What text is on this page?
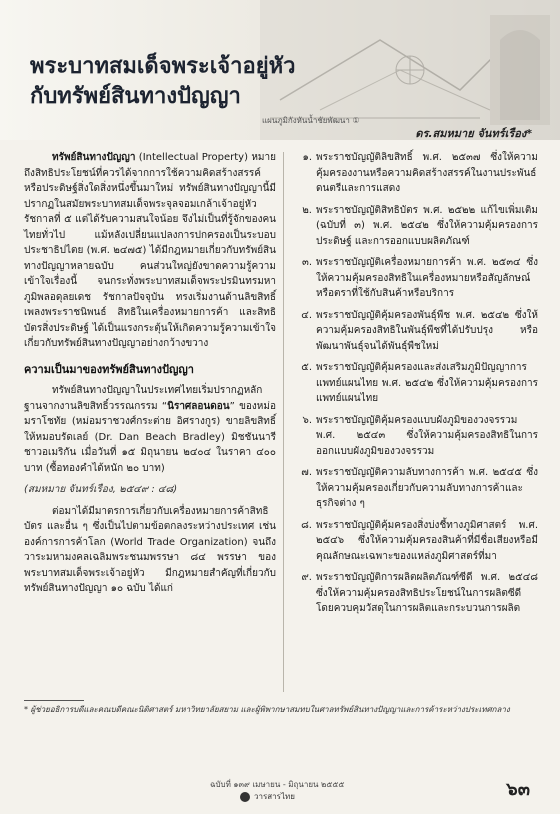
พระบาทสมเด็จพระเจ้าอยู่หัว
กับทรัพย์สินทางปัญญา
แผนภูมิกังหันน้ำชัยพัฒนา ①
ดร.สมหมาย จันทร์เรือง*

ทรัพย์สินทางปัญญา (Intellectual Property) หมายถึงสิทธิประโยชน์ที่ควรได้จากการใช้ความคิดสร้างสรรค์หรือประดิษฐ์สิ่งใดสิ่งหนึ่งขึ้นมาใหม่ ทรัพย์สินทางปัญญานี้มีปรากฏในสมัยพระบาทสมเด็จพระจุลจอมเกล้าเจ้าอยู่หัว รัชกาลที่ ๕ แต่ได้รับความสนใจน้อย จึงไม่เป็นที่รู้จักของคนไทยทั่วไป แม้หลังเปลี่ยนแปลงการปกครองเป็นระบอบประชาธิปไตย (พ.ศ. ๒๔๗๕) ได้มีกฎหมายเกี่ยวกับทรัพย์สินทางปัญญาหลายฉบับ คนส่วนใหญ่ยังขาดความรู้ความเข้าใจเรื่องนี้ จนกระทั่งพระบาทสมเด็จพระปรมินทรมหาภูมิพลอดุลยเดช รัชกาลปัจจุบัน ทรงเริ่มงานด้านลิขสิทธิ์เพลงพระราชนิพนธ์ สิทธิในเครื่องหมายการค้า และสิทธิบัตรสิ่งประดิษฐ์ ได้เป็นแรงกระตุ้นให้เกิดความรู้ความเข้าใจเกี่ยวกับทรัพย์สินทางปัญญาอย่างกว้างขวาง

ความเป็นมาของทรัพย์สินทางปัญญา

ทรัพย์สินทางปัญญาในประเทศไทยเริ่มปรากฏหลักฐานจากงานลิขสิทธิ์วรรณกรรม “นิราศลอนดอน” ของหม่อมราโชทัย (หม่อมราชวงศ์กระต่าย อิศรางกูร) ขายลิขสิทธิ์ให้หมอบรัดเลย์ (Dr. Dan Beach Bradley) มิชชันนารีชาวอเมริกัน เมื่อวันที่ ๑๕ มิถุนายน ๒๔๐๔ ในราคา ๔๐๐ บาท (ซื้อทองคำได้หนัก ๒๐ บาท)

(สมหมาย จันทร์เรือง, ๒๕๔๙ : ๔๘)

ต่อมาได้มีมาตรการเกี่ยวกับเครื่องหมายการค้าสิทธิบัตร และอื่น ๆ ซึ่งเป็นไปตามข้อตกลงระหว่างประเทศ เช่น องค์การการค้าโลก (World Trade Organization) จนถึงวาระมหามงคลเฉลิมพระชนมพรรษา ๘๔ พรรษา ของพระบาทสมเด็จพระเจ้าอยู่หัว มีกฎหมายสำคัญที่เกี่ยวกับทรัพย์สินทางปัญญา ๑๐ ฉบับ ได้แก่

๑. พระราชบัญญัติลิขสิทธิ์ พ.ศ. ๒๕๓๗ ซึ่งให้ความคุ้มครองงานหรือความคิดสร้างสรรค์ในงานประพันธ์ดนตรีและการแสดง
๒. พระราชบัญญัติสิทธิบัตร พ.ศ. ๒๕๒๒ แก้ไขเพิ่มเติม (ฉบับที่ ๓) พ.ศ. ๒๕๔๒ ซึ่งให้ความคุ้มครองการประดิษฐ์ และการออกแบบผลิตภัณฑ์
๓. พระราชบัญญัติเครื่องหมายการค้า พ.ศ. ๒๕๓๔ ซึ่งให้ความคุ้มครองสิทธิในเครื่องหมายหรือสัญลักษณ์หรือตราที่ใช้กับสินค้าหรือบริการ
๔. พระราชบัญญัติคุ้มครองพันธุ์พืช พ.ศ. ๒๕๔๒ ซึ่งให้ความคุ้มครองสิทธิในพันธุ์พืชที่ได้ปรับปรุง หรือพัฒนาพันธุ์จนได้พันธุ์พืชใหม่
๕. พระราชบัญญัติคุ้มครองและส่งเสริมภูมิปัญญาการแพทย์แผนไทย พ.ศ. ๒๕๔๒ ซึ่งให้ความคุ้มครองการแพทย์แผนไทย
๖. พระราชบัญญัติคุ้มครองแบบผังภูมิของวงจรรวม พ.ศ. ๒๕๔๓ ซึ่งให้ความคุ้มครองสิทธิในการออกแบบผังภูมิของวงจรรวม
๗. พระราชบัญญัติความลับทางการค้า พ.ศ. ๒๕๔๕ ซึ่งให้ความคุ้มครองเกี่ยวกับความลับทางการค้าและธุรกิจต่าง ๆ
๘. พระราชบัญญัติคุ้มครองสิ่งบ่งชี้ทางภูมิศาสตร์ พ.ศ. ๒๕๔๖ ซึ่งให้ความคุ้มครองสินค้าที่มีชื่อเสียงหรือมีคุณลักษณะเฉพาะของแหล่งภูมิศาสตร์ที่มา
๙. พระราชบัญญัติการผลิตผลิตภัณฑ์ซีดี พ.ศ. ๒๕๔๘ ซึ่งให้ความคุ้มครองสิทธิประโยชน์ในการผลิตซีดี โดยควบคุมวัสดุในการผลิตและกระบวนการผลิต
* ผู้ช่วยอธิการบดีและคณบดีคณะนิติศาสตร์ มหาวิทยาลัยสยาม และผู้พิพากษาสมทบในศาลทรัพย์สินทางปัญญาและการค้าระหว่างประเทศกลาง
ฉบับที่ ๑๓๙ เมษายน - มิถุนายน ๒๕๕๕
วารสารไทย	๖๓
